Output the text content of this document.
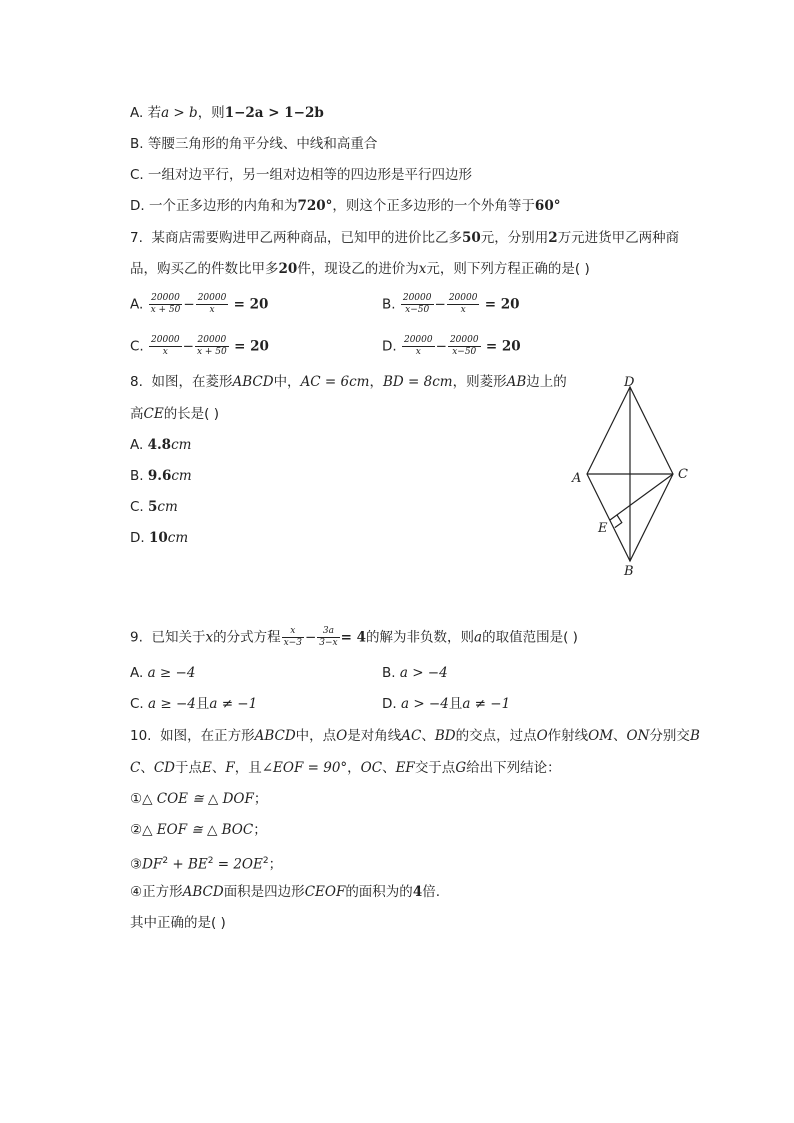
A. 若a > b，则1−2a > 1−2b
B. 等腰三角形的角平分线、中线和高重合
C. 一组对边平行，另一组对边相等的四边形是平行四边形
D. 一个正多边形的内角和为720°，则这个正多边形的一个外角等于60°
7. 某商店需要购进甲乙两种商品，已知甲的进价比乙多50元，分别用2万元进货甲乙两种商
品，购买乙的件数比甲多20件，现设乙的进价为x元，则下列方程正确的是( )
A. $\frac{20000}{x + 50} - \frac{20000}{x} = 20$	B. $\frac{20000}{x-50} - \frac{20000}{x} = 20$
C. $\frac{20000}{x} - \frac{20000}{x + 50} = 20$	D. $\frac{20000}{x} - \frac{20000}{x-50} = 20$
8. 如图，在菱形ABCD中，AC = 6cm，BD = 8cm，则菱形AB边上的
高CE的长是( )
A. 4.8cm
B. 9.6cm
C. 5cm
D. 10cm
D
A	C
E
B
9. 已知关于x的分式方程 $\frac{x}{x-3} - \frac{3a}{3-x} = 4$的解为非负数，则a的取值范围是( )
A. a ≥ −4	B. a > −4
C. a ≥ −4且a ≠ −1	D. a > −4且a ≠ −1
10. 如图，在正方形ABCD中，点O是对角线AC、BD的交点，过点O作射线OM、ON分别交B
C、CD于点E、F，且∠EOF = 90°，OC、EF交于点G给出下列结论：
①△ COE ≅ △ DOF；
②△ EOF ≅ △ BOC；
$③DF^2 + BE^2 = 2OE^2$；
④正方形ABCD面积是四边形CEOF的面积为的4倍.
其中正确的是( )
